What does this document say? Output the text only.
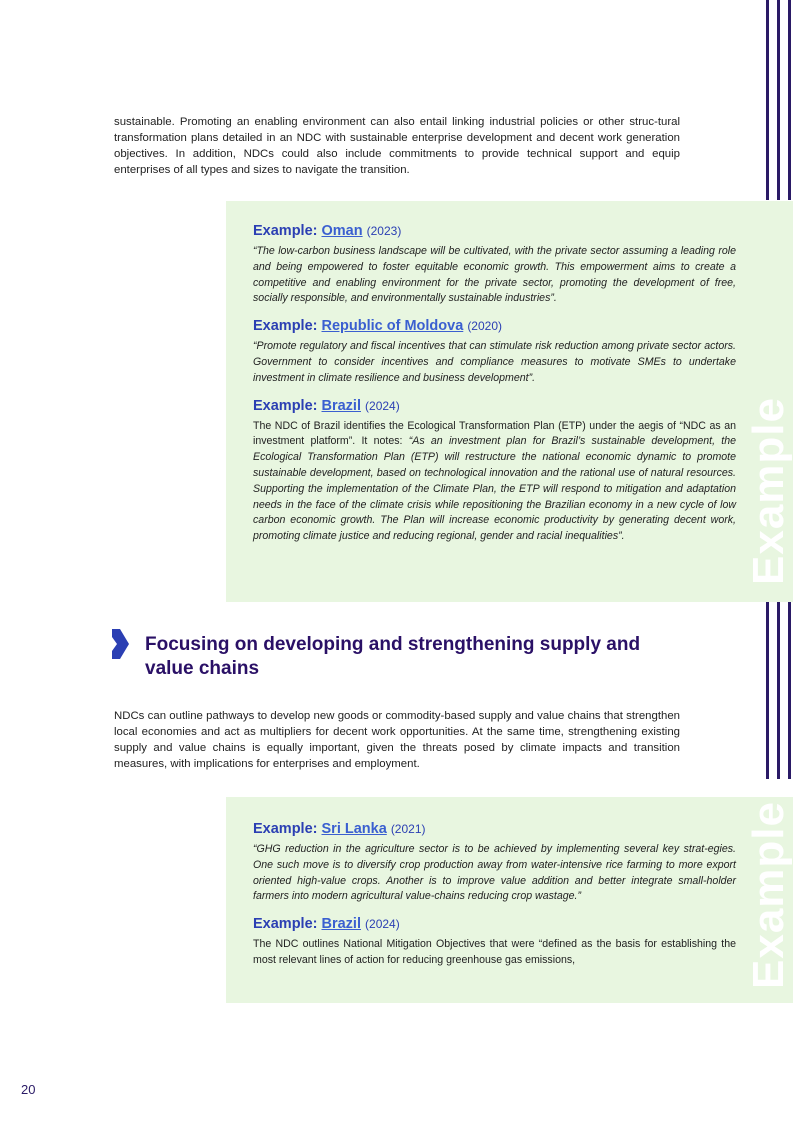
sustainable. Promoting an enabling environment can also entail linking industrial policies or other struc-tural transformation plans detailed in an NDC with sustainable enterprise development and decent work generation objectives. In addition, NDCs could also include commitments to provide technical support and equip enterprises of all types and sizes to navigate the transition.

Example: Oman (2023)

“The low-carbon business landscape will be cultivated, with the private sector assuming a leading role and being empowered to foster equitable economic growth. This empowerment aims to create a competitive and enabling environment for the private sector, promoting the development of free, socially responsible, and environmentally sustainable industries”.

Example: Republic of Moldova (2020)

“Promote regulatory and fiscal incentives that can stimulate risk reduction among private sector actors. Government to consider incentives and compliance measures to motivate SMEs to undertake investment in climate resilience and business development”.

Example: Brazil (2024)

The NDC of Brazil identifies the Ecological Transformation Plan (ETP) under the aegis of “NDC as an investment platform”. It notes: “As an investment plan for Brazil’s sustainable development, the Ecological Transformation Plan (ETP) will restructure the national economic dynamic to promote sustainable development, based on technological innovation and the rational use of natural resources. Supporting the implementation of the Climate Plan, the ETP will respond to mitigation and adaptation needs in the face of the climate crisis while repositioning the Brazilian economy in a new cycle of low carbon economic growth. The Plan will increase economic productivity by generating decent work, promoting climate justice and reducing regional, gender and racial inequalities”.	Example
Focusing on developing and strengthening supply and value chains

NDCs can outline pathways to develop new goods or commodity-based supply and value chains that strengthen local economies and act as multipliers for decent work opportunities. At the same time, strengthening existing supply and value chains is equally important, given the threats posed by climate impacts and transition measures, with implications for enterprises and employment.

Example: Sri Lanka (2021)

“GHG reduction in the agriculture sector is to be achieved by implementing several key strat-egies. One such move is to diversify crop production away from water-intensive rice farming to more export oriented high-value crops. Another is to improve value addition and better integrate small-holder farmers into modern agricultural value-chains reducing crop wastage.”

Example: Brazil (2024)

The NDC outlines National Mitigation Objectives that were “defined as the basis for establishing the most relevant lines of action for reducing greenhouse gas emissions,	Example
20
